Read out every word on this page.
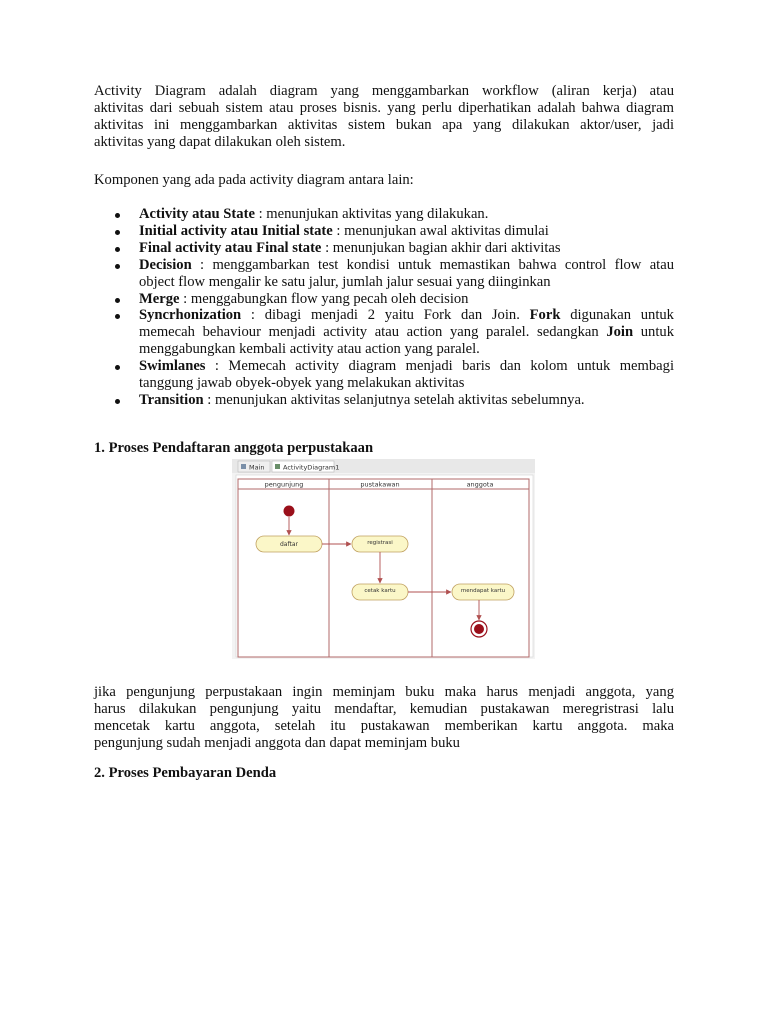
Activity Diagram adalah diagram yang menggambarkan workflow (aliran kerja) atau
aktivitas dari sebuah sistem atau proses bisnis. yang perlu diperhatikan adalah bahwa diagram
aktivitas ini menggambarkan aktivitas sistem bukan apa yang dilakukan aktor/user, jadi
aktivitas yang dapat dilakukan oleh sistem.
Komponen yang ada pada activity diagram antara lain:
Activity atau State : menunjukan aktivitas yang dilakukan.
Initial activity atau Initial state : menunjukan awal aktivitas dimulai
Final activity atau Final state : menunjukan bagian akhir dari aktivitas
Decision : menggambarkan test kondisi untuk memastikan bahwa control flow atau
object flow mengalir ke satu jalur, jumlah jalur sesuai yang diinginkan
Merge : menggabungkan flow yang pecah oleh decision
Syncrhonization : dibagi menjadi 2 yaitu Fork dan Join. Fork digunakan untuk
memecah behaviour menjadi activity atau action yang paralel. sedangkan Join untuk
menggabungkan kembali activity atau action yang paralel.
Swimlanes : Memecah activity diagram menjadi baris dan kolom untuk membagi
tanggung jawab obyek-obyek yang melakukan aktivitas
Transition : menunjukan aktivitas selanjutnya setelah aktivitas sebelumnya.
1. Proses Pendaftaran anggota perpustakaan
Main	ActivityDiagram1
pengunjung	pustakawan	anggota
daftar	registrasi
cetak kartu	mendapat kartu
jika pengunjung perpustakaan ingin meminjam buku maka harus menjadi anggota, yang
harus dilakukan pengunjung yaitu mendaftar, kemudian pustakawan meregristrasi lalu
mencetak kartu anggota, setelah itu pustakawan memberikan kartu anggota. maka
pengunjung sudah menjadi anggota dan dapat meminjam buku
2. Proses Pembayaran Denda
